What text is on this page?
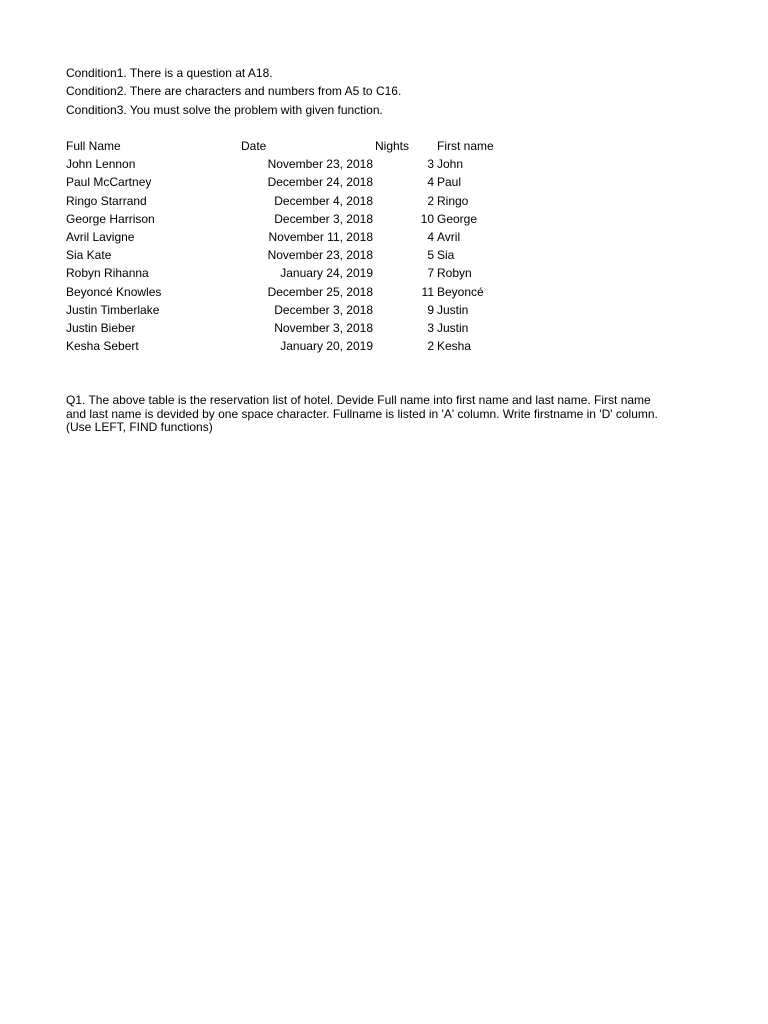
Condition1. There is a question at A18.
Condition2. There are characters and numbers from A5 to C16.
Condition3. You must solve the problem with given function.
Full Name	Date	Nights First name
John Lennon	November 23, 2018	3 John
Paul McCartney	December 24, 2018	4 Paul
Ringo Starrand	December 4, 2018	2 Ringo
George Harrison	December 3, 2018	10 George
Avril Lavigne	November 11, 2018	4 Avril
Sia Kate	November 23, 2018	5 Sia
Robyn Rihanna	January 24, 2019	7 Robyn
Beyoncé Knowles	December 25, 2018	11 Beyoncé
Justin Timberlake	December 3, 2018	9 Justin
Justin Bieber	November 3, 2018	3 Justin
Kesha Sebert	January 20, 2019	2 Kesha
Q1. The above table is the reservation list of hotel. Devide Full name into first name and last name. First name and last name is devided by one space character. Fullname is listed in 'A' column. Write firstname in 'D' column.(Use LEFT, FIND functions)
